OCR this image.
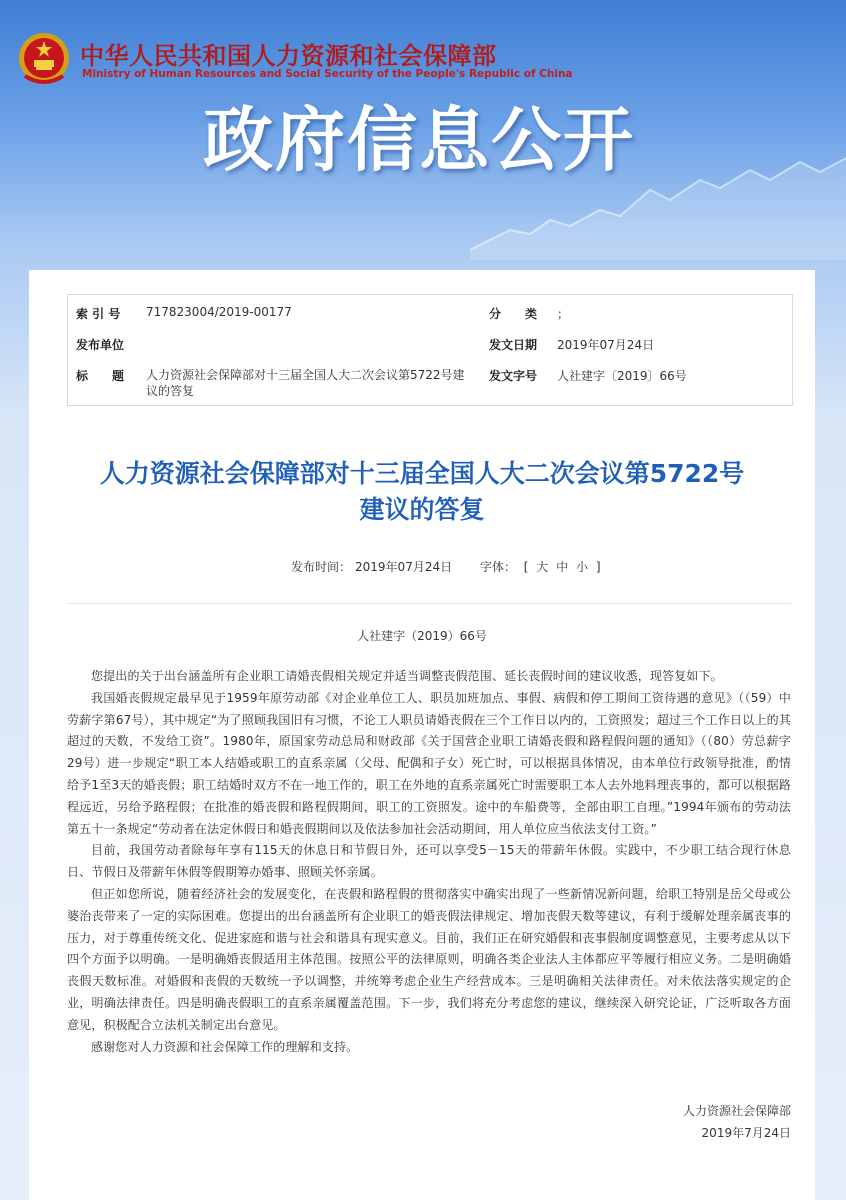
中华人民共和国人力资源和社会保障部
Ministry of Human Resources and Social Security of the People's Republic of China
政府信息公开
索 引 号 717823004/2019-00177	分　　类 ；
发布单位	发文日期 2019年07月24日
标　　题 人力资源社会保障部对十三届全国人大二次会议第5722号建议的答复
发文字号 人社建字〔2019〕66号
人力资源社会保障部对十三届全国人大二次会议第5722号
建议的答复
发布时间： 2019年07月24日 字体： [ 大 中 小 ]
人社建字（2019）66号

您提出的关于出台涵盖所有企业职工请婚丧假相关规定并适当调整丧假范围、延长丧假时间的建议收悉，现答复如下。

我国婚丧假规定最早见于1959年原劳动部《对企业单位工人、职员加班加点、事假、病假和停工期间工资待遇的意见》（（59）中劳薪字第67号），其中规定“为了照顾我国旧有习惯，不论工人职员请婚丧假在三个工作日以内的，工资照发；超过三个工作日以上的其超过的天数，不发给工资”。1980年，原国家劳动总局和财政部《关于国营企业职工请婚丧假和路程假问题的通知》（（80）劳总薪字29号）进一步规定“职工本人结婚或职工的直系亲属（父母、配偶和子女）死亡时，可以根据具体情况，由本单位行政领导批准，酌情给予1至3天的婚丧假；职工结婚时双方不在一地工作的，职工在外地的直系亲属死亡时需要职工本人去外地料理丧事的，都可以根据路程远近，另给予路程假；在批准的婚丧假和路程假期间，职工的工资照发。途中的车船费等，全部由职工自理。”1994年颁布的劳动法第五十一条规定“劳动者在法定休假日和婚丧假期间以及依法参加社会活动期间，用人单位应当依法支付工资。”

目前，我国劳动者除每年享有115天的休息日和节假日外，还可以享受5－15天的带薪年休假。实践中，不少职工结合现行休息日、节假日及带薪年休假等假期筹办婚事、照顾关怀亲属。

但正如您所说，随着经济社会的发展变化，在丧假和路程假的贯彻落实中确实出现了一些新情况新问题，给职工特别是岳父母或公婆治丧带来了一定的实际困难。您提出的出台涵盖所有企业职工的婚丧假法律规定、增加丧假天数等建议，有利于缓解处理亲属丧事的压力，对于尊重传统文化、促进家庭和谐与社会和谐具有现实意义。目前，我们正在研究婚假和丧事假制度调整意见，主要考虑从以下四个方面予以明确。一是明确婚丧假适用主体范围。按照公平的法律原则，明确各类企业法人主体都应平等履行相应义务。二是明确婚丧假天数标准。对婚假和丧假的天数统一予以调整，并统筹考虑企业生产经营成本。三是明确相关法律责任。对未依法落实规定的企业，明确法律责任。四是明确丧假职工的直系亲属覆盖范围。下一步，我们将充分考虑您的建议，继续深入研究论证，广泛听取各方面意见，积极配合立法机关制定出台意见。

感谢您对人力资源和社会保障工作的理解和支持。

人力资源社会保障部
2019年7月24日
